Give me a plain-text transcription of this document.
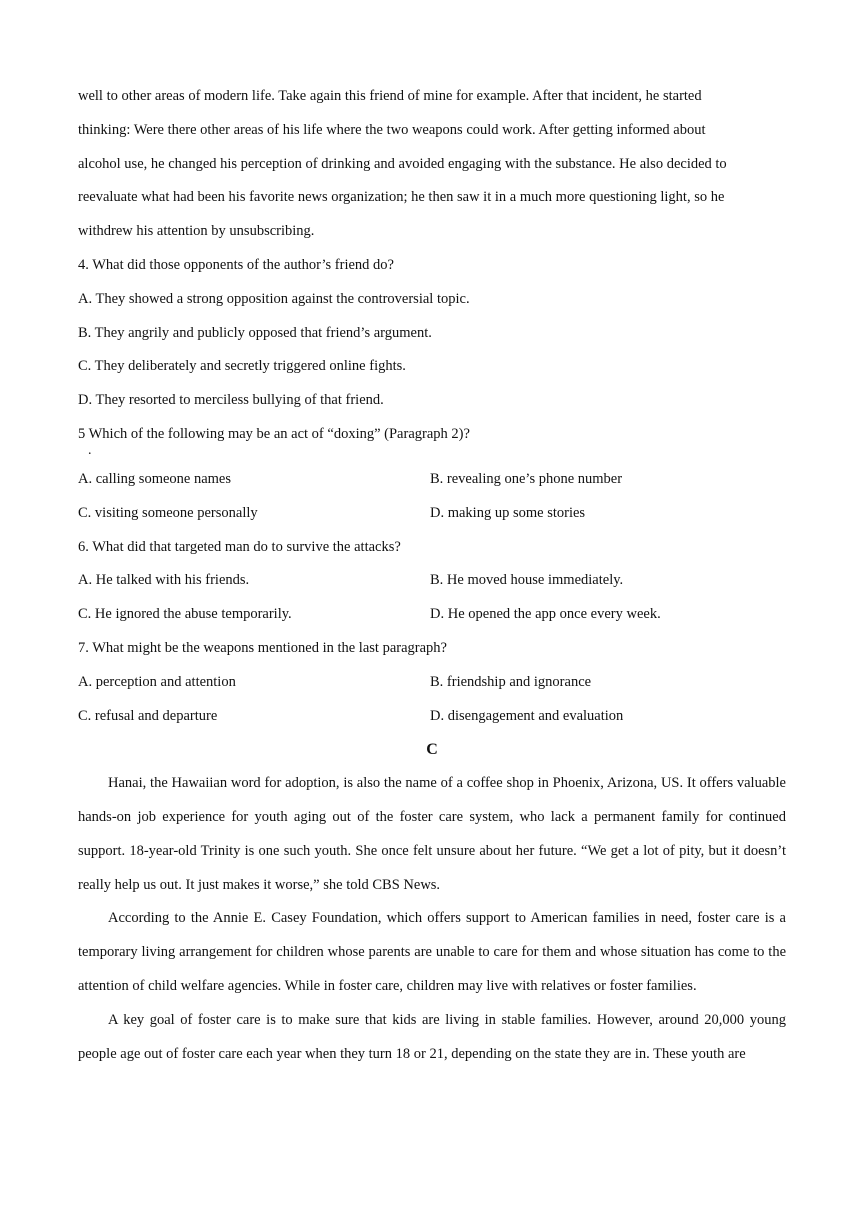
well to other areas of modern life. Take again this friend of mine for example. After that incident, he started

thinking: Were there other areas of his life where the two weapons could work. After getting informed about

alcohol use, he changed his perception of drinking and avoided engaging with the substance. He also decided to

reevaluate what had been his favorite news organization; he then saw it in a much more questioning light, so he

withdrew his attention by unsubscribing.

4. What did those opponents of the author’s friend do?

A. They showed a strong opposition against the controversial topic.

B. They angrily and publicly opposed that friend’s argument.

C. They deliberately and secretly triggered online fights.

D. They resorted to merciless bullying of that friend.

5 Which of the following may be an act of “doxing” (Paragraph 2)?
.
A. calling someone names	B. revealing one’s phone number
C. visiting someone personally	D. making up some stories

6. What did that targeted man do to survive the attacks?

A. He talked with his friends.	B. He moved house immediately.
C. He ignored the abuse temporarily.	D. He opened the app once every week.

7. What might be the weapons mentioned in the last paragraph?

A. perception and attention	B. friendship and ignorance
C. refusal and departure	D. disengagement and evaluation

C

Hanai, the Hawaiian word for adoption, is also the name of a coffee shop in Phoenix, Arizona, US. It offers valuable hands-on job experience for youth aging out of the foster care system, who lack a permanent family for continued support. 18-year-old Trinity is one such youth. She once felt unsure about her future. “We get a lot of pity, but it doesn’t really help us out. It just makes it worse,” she told CBS News.

According to the Annie E. Casey Foundation, which offers support to American families in need, foster care is a temporary living arrangement for children whose parents are unable to care for them and whose situation has come to the attention of child welfare agencies. While in foster care, children may live with relatives or foster families.

A key goal of foster care is to make sure that kids are living in stable families. However, around 20,000 young people age out of foster care each year when they turn 18 or 21, depending on the state they are in. These youth are
